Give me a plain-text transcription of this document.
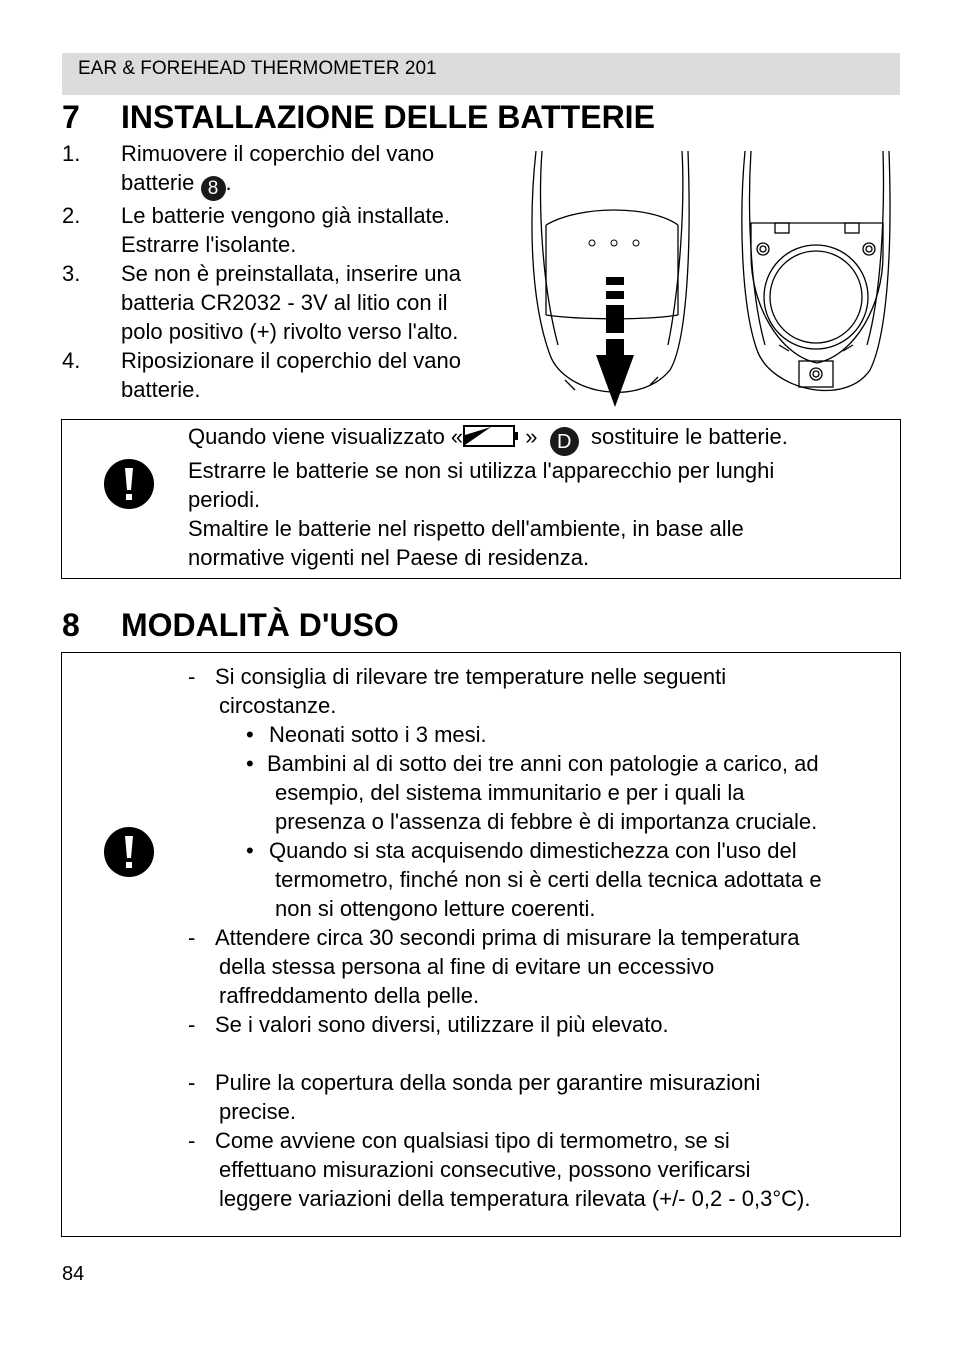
EAR & FOREHEAD THERMOMETER 201
7 INSTALLAZIONE DELLE BATTERIE
1. Rimuovere il coperchio del vano
batterie 8 .
2. Le batterie vengono già installate.
Estrarre l'isolante.
3. Se non è preinstallata, inserire una
batteria CR2032 - 3V al litio con il
polo positivo (+) rivolto verso l'alto.
4. Riposizionare il coperchio del vano
batterie.
Quando viene visualizzato «	» D sostituire le batterie.
Estrarre le batterie se non si utilizza l'apparecchio per lunghi
periodi.
Smaltire le batterie nel rispetto dell'ambiente, in base alle
normative vigenti nel Paese di residenza.
8 MODALITÀ D'USO
- Si consiglia di rilevare tre temperature nelle seguenti
circostanze.
• Neonati sotto i 3 mesi.
• Bambini al di sotto dei tre anni con patologie a carico, ad
esempio, del sistema immunitario e per i quali la
presenza o l'assenza di febbre è di importanza cruciale.
• Quando si sta acquisendo dimestichezza con l'uso del
termometro, finché non si è certi della tecnica adottata e
non si ottengono letture coerenti.
- Attendere circa 30 secondi prima di misurare la temperatura
della stessa persona al fine di evitare un eccessivo
raffreddamento della pelle.
- Se i valori sono diversi, utilizzare il più elevato.
- Pulire la copertura della sonda per garantire misurazioni
precise.
- Come avviene con qualsiasi tipo di termometro, se si
effettuano misurazioni consecutive, possono verificarsi
leggere variazioni della temperatura rilevata (+/- 0,2 - 0,3°C).
84
